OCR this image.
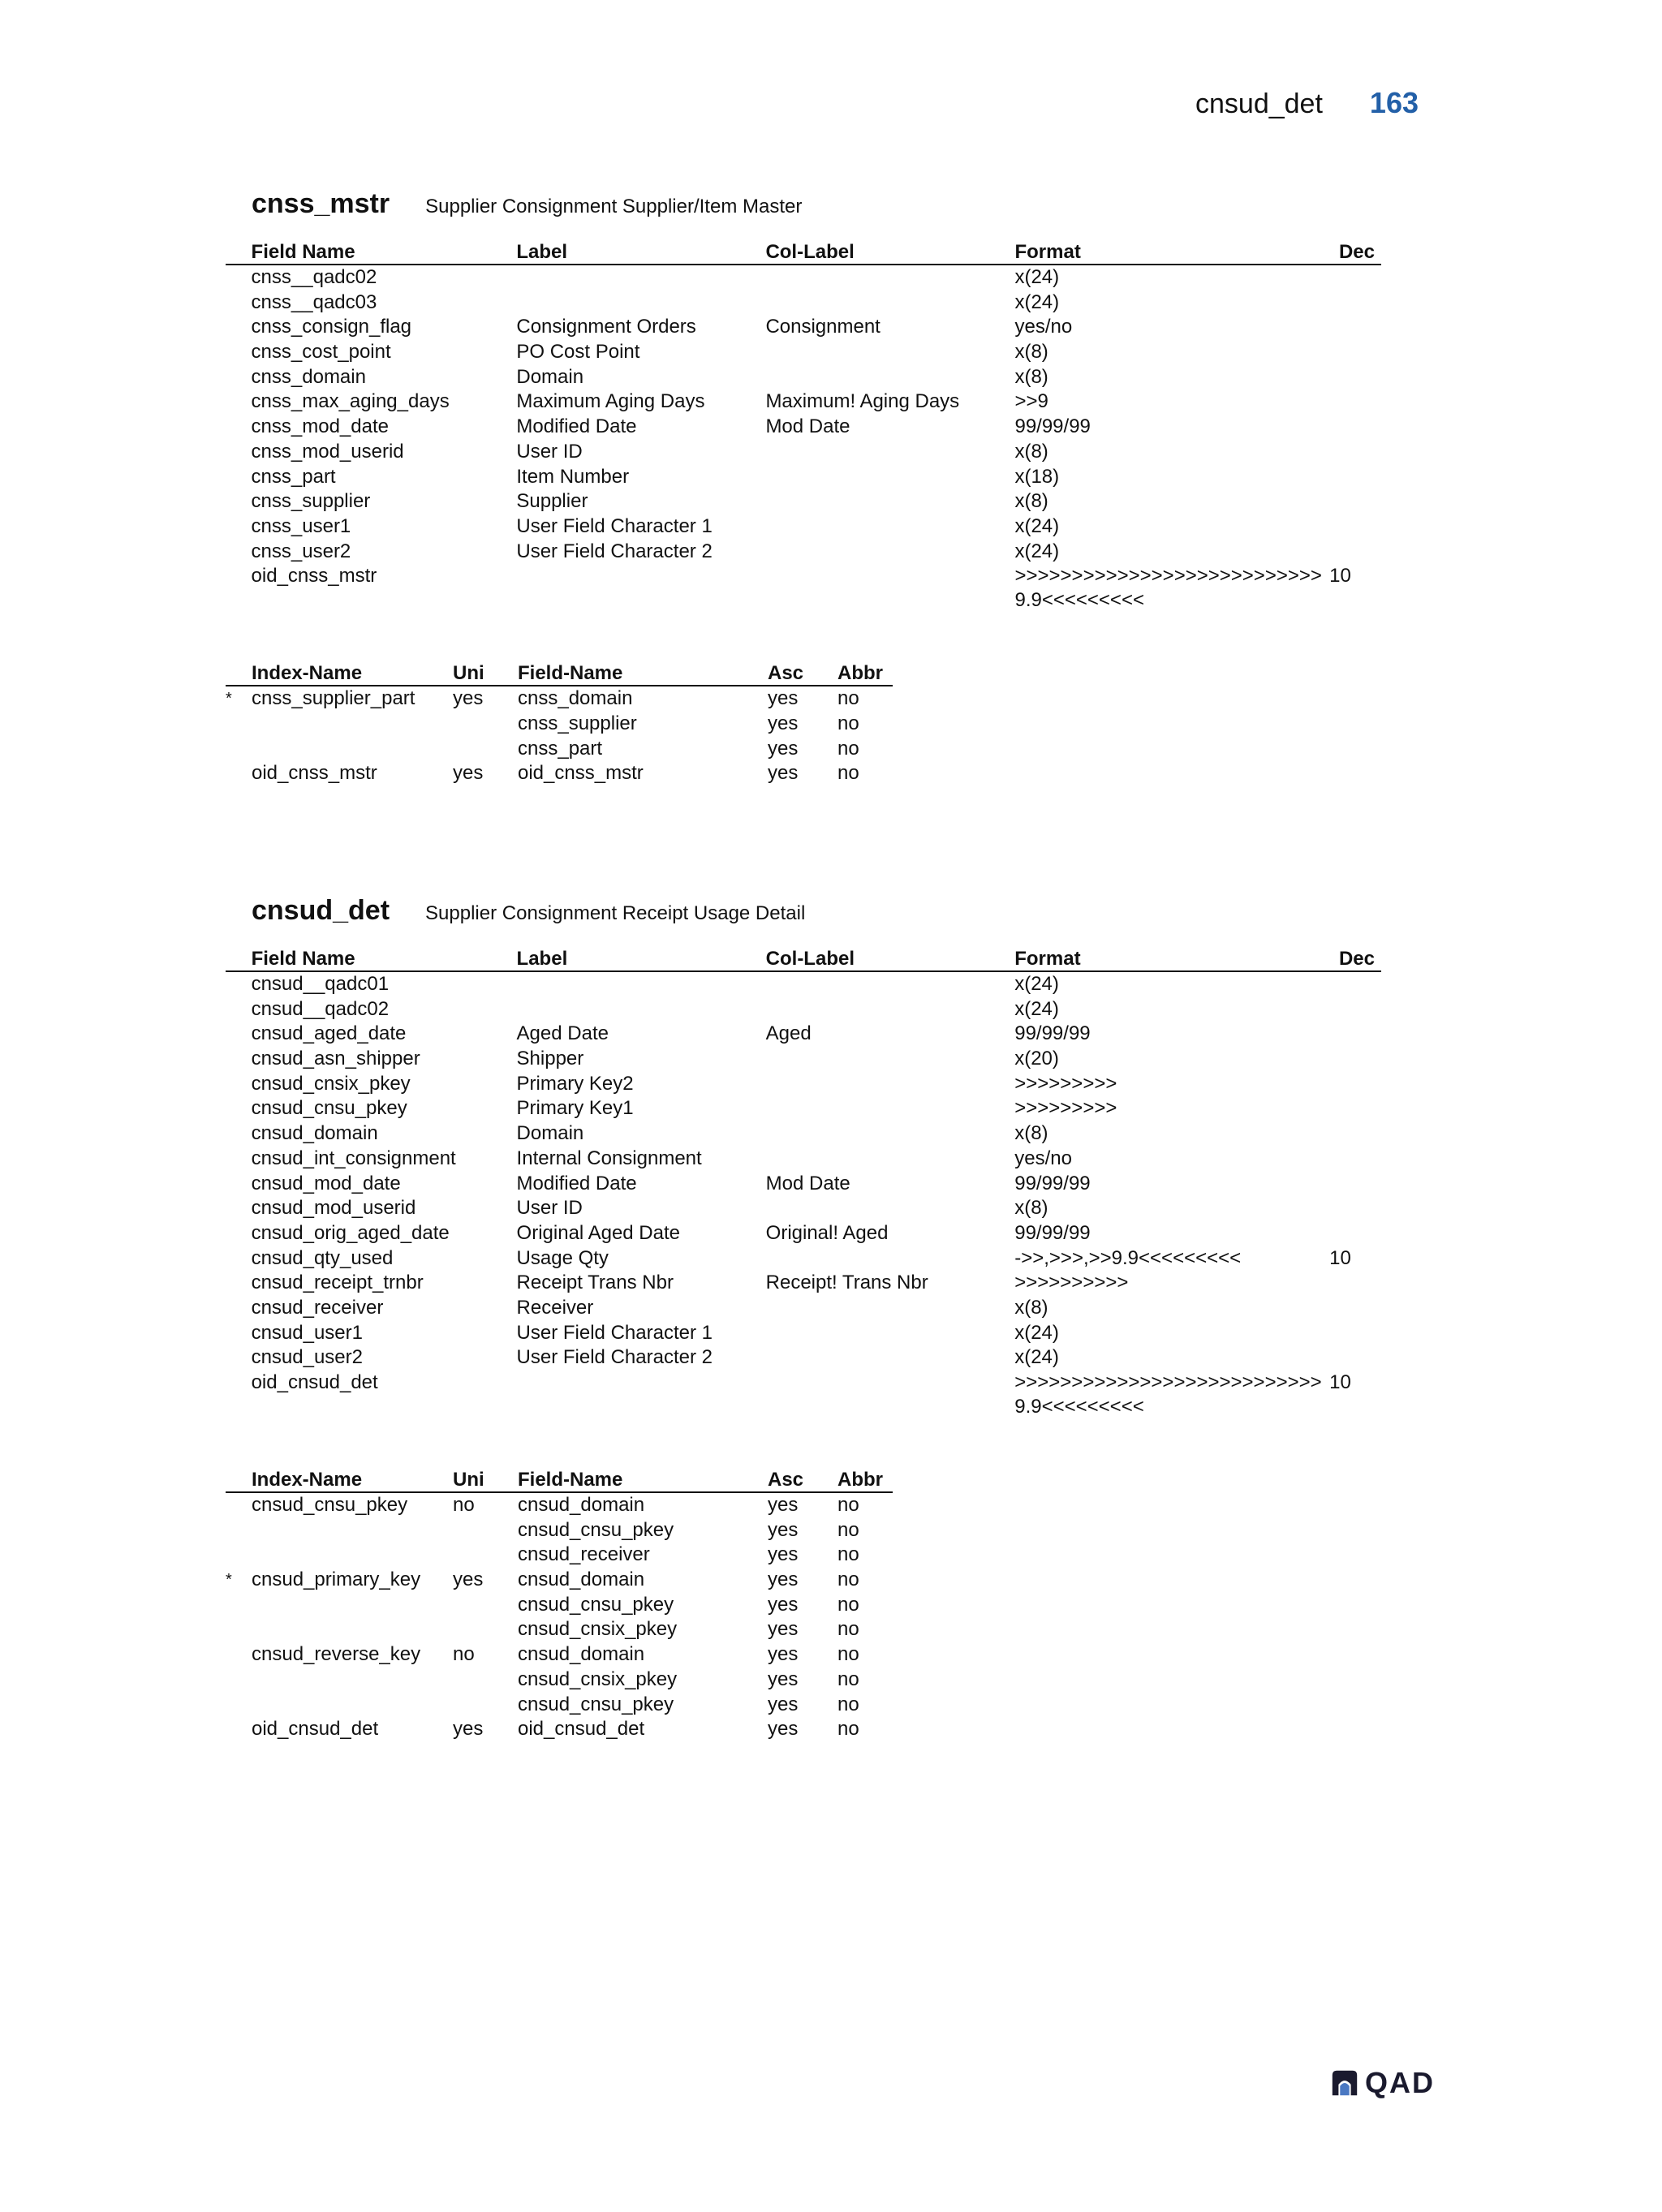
cnsud_det 163
cnss_mstr Supplier Consignment Supplier/Item Master
	Field Name	Label	Col-Label	Format	Dec
	cnss__qadc02			x(24)	
	cnss__qadc03			x(24)	
	cnss_consign_flag	Consignment Orders	Consignment	yes/no	
	cnss_cost_point	PO Cost Point		x(8)	
	cnss_domain	Domain		x(8)	
	cnss_max_aging_days	Maximum Aging Days	Maximum! Aging Days	>>9	
	cnss_mod_date	Modified Date	Mod Date	99/99/99	
	cnss_mod_userid	User ID		x(8)	
	cnss_part	Item Number		x(18)	
	cnss_supplier	Supplier		x(8)	
	cnss_user1	User Field Character 1		x(24)	
	cnss_user2	User Field Character 2		x(24)	
	oid_cnss_mstr			>>>>>>>>>>>>>>>>>>>>>>>>>>>9.9<<<<<<<<<	10
	Index-Name	Uni	Field-Name	Asc	Abbr
*	cnss_supplier_part	yes	cnss_domain	yes	no
			cnss_supplier	yes	no
			cnss_part	yes	no
	oid_cnss_mstr	yes	oid_cnss_mstr	yes	no
cnsud_det Supplier Consignment Receipt Usage Detail
	Field Name	Label	Col-Label	Format	Dec
	cnsud__qadc01			x(24)	
	cnsud__qadc02			x(24)	
	cnsud_aged_date	Aged Date	Aged	99/99/99	
	cnsud_asn_shipper	Shipper		x(20)	
	cnsud_cnsix_pkey	Primary Key2		>>>>>>>>>	
	cnsud_cnsu_pkey	Primary Key1		>>>>>>>>>	
	cnsud_domain	Domain		x(8)	
	cnsud_int_consignment	Internal Consignment		yes/no	
	cnsud_mod_date	Modified Date	Mod Date	99/99/99	
	cnsud_mod_userid	User ID		x(8)	
	cnsud_orig_aged_date	Original Aged Date	Original! Aged	99/99/99	
	cnsud_qty_used	Usage Qty		->>,>>>,>>9.9<<<<<<<<<	10
	cnsud_receipt_trnbr	Receipt Trans Nbr	Receipt! Trans Nbr	>>>>>>>>>>	
	cnsud_receiver	Receiver		x(8)	
	cnsud_user1	User Field Character 1		x(24)	
	cnsud_user2	User Field Character 2		x(24)	
	oid_cnsud_det			>>>>>>>>>>>>>>>>>>>>>>>>>>>9.9<<<<<<<<<	10
	Index-Name	Uni	Field-Name	Asc	Abbr
	cnsud_cnsu_pkey	no	cnsud_domain	yes	no
			cnsud_cnsu_pkey	yes	no
			cnsud_receiver	yes	no
*	cnsud_primary_key	yes	cnsud_domain	yes	no
			cnsud_cnsu_pkey	yes	no
			cnsud_cnsix_pkey	yes	no
	cnsud_reverse_key	no	cnsud_domain	yes	no
			cnsud_cnsix_pkey	yes	no
			cnsud_cnsu_pkey	yes	no
	oid_cnsud_det	yes	oid_cnsud_det	yes	no
QAD
